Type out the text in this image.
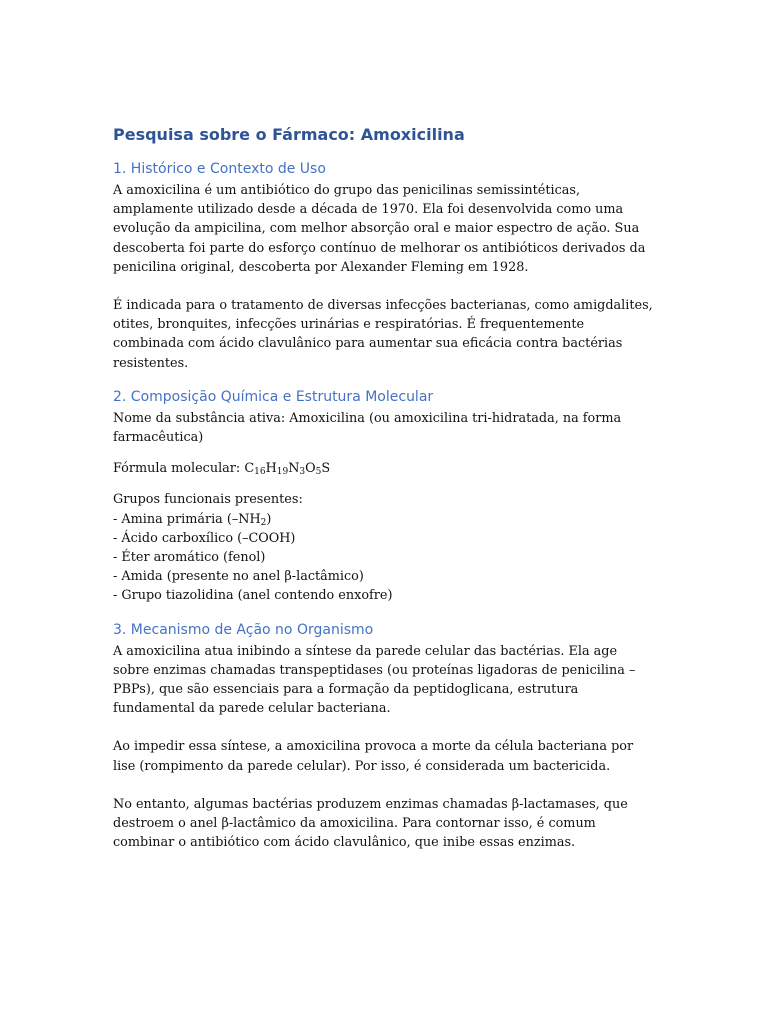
Pesquisa sobre o Fármaco: Amoxicilina
1. Histórico e Contexto de Uso

A amoxicilina é um antibiótico do grupo das penicilinas semissintéticas, amplamente utilizado desde a década de 1970. Ela foi desenvolvida como uma evolução da ampicilina, com melhor absorção oral e maior espectro de ação. Sua descoberta foi parte do esforço contínuo de melhorar os antibióticos derivados da penicilina original, descoberta por Alexander Fleming em 1928.

É indicada para o tratamento de diversas infecções bacterianas, como amigdalites, otites, bronquites, infecções urinárias e respiratórias. É frequentemente combinada com ácido clavulânico para aumentar sua eficácia contra bactérias resistentes.

2. Composição Química e Estrutura Molecular

Nome da substância ativa: Amoxicilina (ou amoxicilina tri-hidratada, na forma farmacêutica)

Fórmula molecular: $C_{16}H_{19}N_3O_5S$

Grupos funcionais presentes:
- Amina primária $(-NH_2)$
- Ácido carboxílico (–COOH)
- Éter aromático (fenol)
- Amida (presente no anel β-lactâmico)
- Grupo tiazolidina (anel contendo enxofre)
3. Mecanismo de Ação no Organismo

A amoxicilina atua inibindo a síntese da parede celular das bactérias. Ela age sobre enzimas chamadas transpeptidases (ou proteínas ligadoras de penicilina – PBPs), que são essenciais para a formação da peptidoglicana, estrutura fundamental da parede celular bacteriana.

Ao impedir essa síntese, a amoxicilina provoca a morte da célula bacteriana por lise (rompimento da parede celular). Por isso, é considerada um bactericida.

No entanto, algumas bactérias produzem enzimas chamadas β-lactamases, que destroem o anel β-lactâmico da amoxicilina. Para contornar isso, é comum combinar o antibiótico com ácido clavulânico, que inibe essas enzimas.
